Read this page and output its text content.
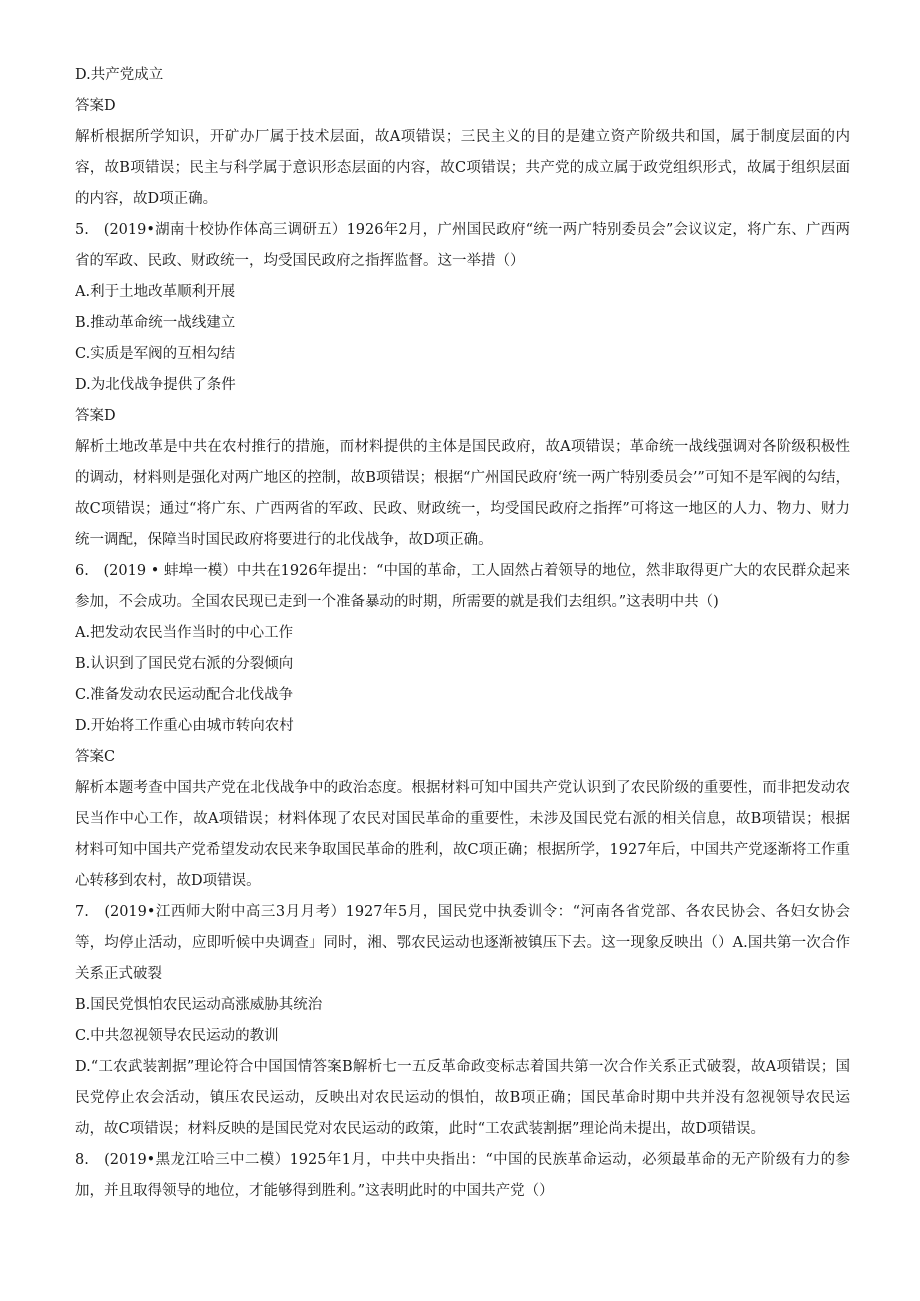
D.共产党成立
答案D

解析根据所学知识，开矿办厂属于技术层面，故A项错误；三民主义的目的是建立资产阶级共和国，属于制度层面的内容，故B项错误；民主与科学属于意识形态层面的内容，故C项错误；共产党的成立属于政党组织形式，故属于组织层面的内容，故D项正确。

5.　(2019•湖南十校协作体高三调研五）1926年2月，广州国民政府“统一两广特别委员会”会议议定，将广东、广西两省的军政、民政、财政统一，均受国民政府之指挥监督。这一举措（）

A.利于土地改革顺利开展
B.推动革命统一战线建立
C.实质是军阀的互相勾结
D.为北伐战争提供了条件
答案D

解析土地改革是中共在农村推行的措施，而材料提供的主体是国民政府，故A项错误；革命统一战线强调对各阶级积极性的调动，材料则是强化对两广地区的控制，故B项错误；根据“广州国民政府‘统一两广特别委员会’”可知不是军阀的勾结，故C项错误；通过“将广东、广西两省的军政、民政、财政统一，均受国民政府之指挥”可将这一地区的人力、物力、财力统一调配，保障当时国民政府将要进行的北伐战争，故D项正确。

6.　(2019 • 蚌埠一模）中共在1926年提出：“中国的革命，工人固然占着领导的地位，然非取得更广大的农民群众起来参加，不会成功。全国农民现已走到一个准备暴动的时期，所需要的就是我们去组织。”这表明中共（)

A.把发动农民当作当时的中心工作
B.认识到了国民党右派的分裂倾向
C.准备发动农民运动配合北伐战争
D.开始将工作重心由城市转向农村
答案C

解析本题考查中国共产党在北伐战争中的政治态度。根据材料可知中国共产党认识到了农民阶级的重要性，而非把发动农民当作中心工作，故A项错误；材料体现了农民对国民革命的重要性，未涉及国民党右派的相关信息，故B项错误；根据材料可知中国共产党希望发动农民来争取国民革命的胜利，故C项正确；根据所学，1927年后，中国共产党逐渐将工作重心转移到农村，故D项错误。

7.　(2019•江西师大附中高三3月月考）1927年5月，国民党中执委训令：“河南各省党部、各农民协会、各妇女协会等，均停止活动，应即听候中央调查」同时，湘、鄂农民运动也逐渐被镇压下去。这一现象反映出（）A.国共第一次合作关系正式破裂

B.国民党惧怕农民运动高涨威胁其统治
C.中共忽视领导农民运动的教训

D.“工农武装割据”理论符合中国国情答案B解析七一五反革命政变标志着国共第一次合作关系正式破裂，故A项错误；国民党停止农会活动，镇压农民运动，反映出对农民运动的惧怕，故B项正确；国民革命时期中共并没有忽视领导农民运动，故C项错误；材料反映的是国民党对农民运动的政策，此时“工农武装割据”理论尚未提出，故D项错误。

8.　(2019•黑龙江哈三中二模）1925年1月，中共中央指出：“中国的民族革命运动，必须最革命的无产阶级有力的参加，并且取得领导的地位，才能够得到胜利。”这表明此时的中国共产党（）
